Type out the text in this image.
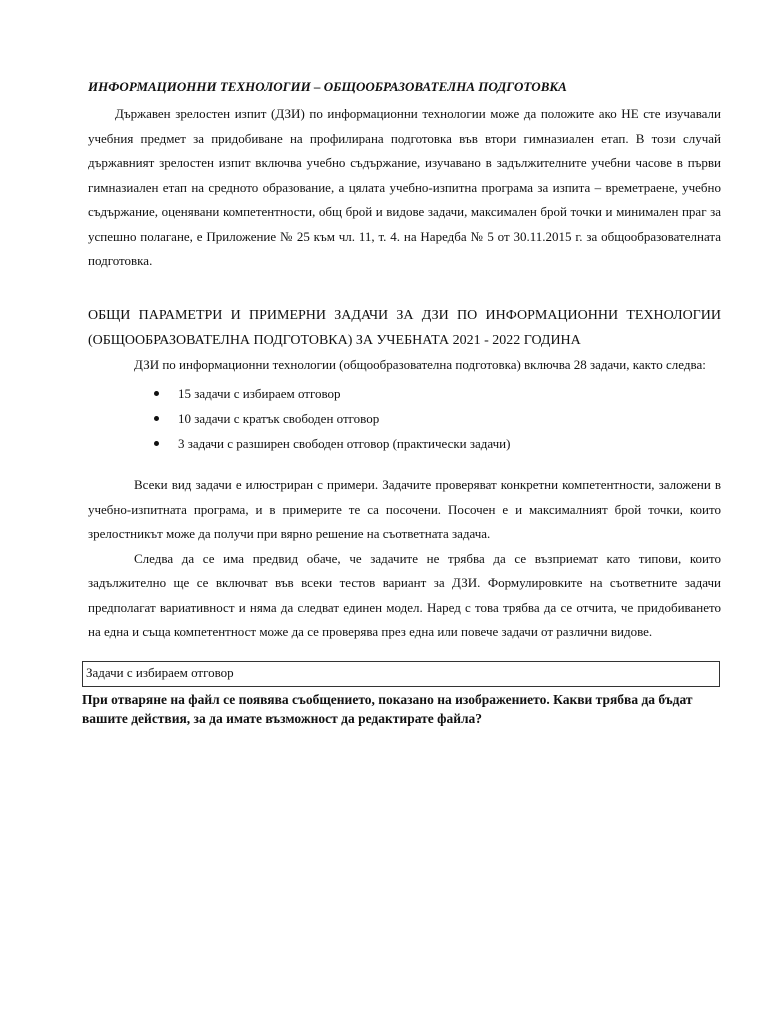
ИНФОРМАЦИОННИ ТЕХНОЛОГИИ – ОБЩООБРАЗОВАТЕЛНА ПОДГОТОВКА

Държавен зрелостен изпит (ДЗИ) по информационни технологии може да положите ако НЕ сте изучавали учебния предмет за придобиване на профилирана подготовка във втори гимназиален етап. В този случай държавният зрелостен изпит включва учебно съдържание, изучавано в задължителните учебни часове в първи гимназиален етап на средното образование, а цялата учебно-изпитна програма за изпита – времетраене, учебно съдържание, оценявани компетентности, общ брой и видове задачи, максимален брой точки и минимален праг за успешно полагане, е Приложение № 25 към чл. 11, т. 4. на Наредба № 5 от 30.11.2015 г. за общообразователната подготовка.

ОБЩИ ПАРАМЕТРИ И ПРИМЕРНИ ЗАДАЧИ ЗА ДЗИ ПО ИНФОРМАЦИОННИ ТЕХНОЛОГИИ (ОБЩООБРАЗОВАТЕЛНА ПОДГОТОВКА) ЗА УЧЕБНАТА 2021 - 2022 ГОДИНА

ДЗИ по информационни технологии (общообразователна подготовка) включва 28 задачи, както следва:

15 задачи с избираем отговор
10 задачи с кратък свободен отговор
3 задачи с разширен свободен отговор (практически задачи)

Всеки вид задачи е илюстриран с примери. Задачите проверяват конкретни компетентности, заложени в учебно-изпитната програма, и в примерите те са посочени. Посочен е и максималният брой точки, които зрелостникът може да получи при вярно решение на съответната задача.

Следва да се има предвид обаче, че задачите не трябва да се възприемат като типови, които задължително ще се включват във всеки тестов вариант за ДЗИ. Формулировките на съответните задачи предполагат вариативност и няма да следват единен модел. Наред с това трябва да се отчита, че придобиването на една и съща компетентност може да се проверява през една или повече задачи от различни видове.

Задачи с избираем отговор

При отваряне на файл се появява съобщението, показано на изображението. Какви трябва да бъдат вашите действия, за да имате възможност да редактирате файла?
